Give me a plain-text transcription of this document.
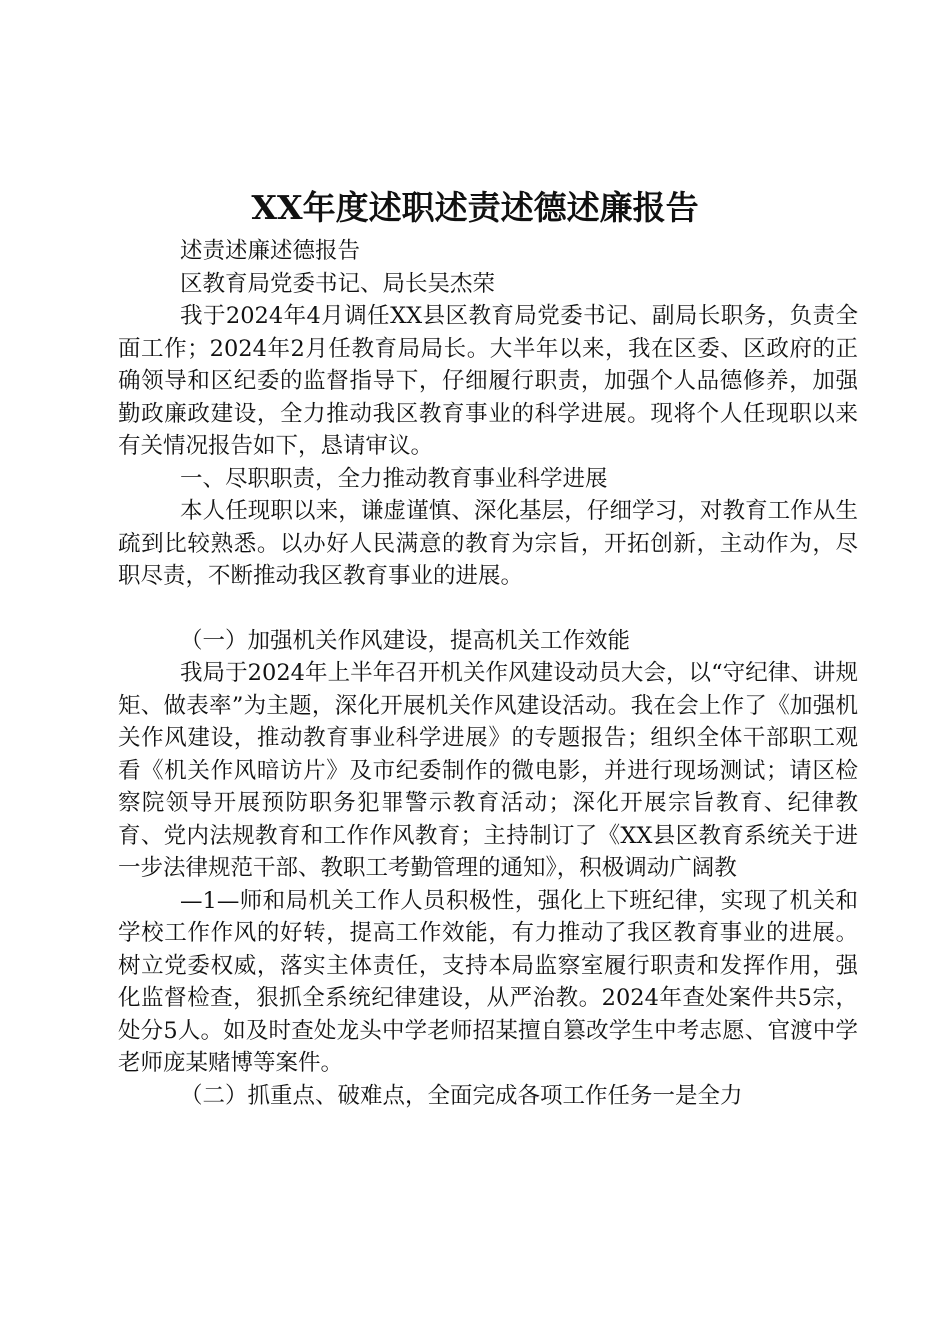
XX年度述职述责述德述廉报告

述责述廉述德报告

区教育局党委书记、局长吴杰荣

我于2024年4月调任XX县区教育局党委书记、副局长职务，负责全面工作；2024年2月任教育局局长。大半年以来，我在区委、区政府的正确领导和区纪委的监督指导下，仔细履行职责，加强个人品德修养，加强勤政廉政建设，全力推动我区教育事业的科学进展。现将个人任现职以来有关情况报告如下，恳请审议。

一、尽职职责，全力推动教育事业科学进展

本人任现职以来，谦虚谨慎、深化基层，仔细学习，对教育工作从生疏到比较熟悉。以办好人民满意的教育为宗旨，开拓创新，主动作为，尽职尽责，不断推动我区教育事业的进展。

（一）加强机关作风建设，提高机关工作效能

我局于2024年上半年召开机关作风建设动员大会，以“守纪律、讲规矩、做表率”为主题，深化开展机关作风建设活动。我在会上作了《加强机关作风建设，推动教育事业科学进展》的专题报告；组织全体干部职工观看《机关作风暗访片》及市纪委制作的微电影，并进行现场测试；请区检察院领导开展预防职务犯罪警示教育活动；深化开展宗旨教育、纪律教育、党内法规教育和工作作风教育；主持制订了《XX县区教育系统关于进一步法律规范干部、教职工考勤管理的通知》，积极调动广阔教

—1—师和局机关工作人员积极性，强化上下班纪律，实现了机关和学校工作作风的好转，提高工作效能，有力推动了我区教育事业的进展。树立党委权威，落实主体责任，支持本局监察室履行职责和发挥作用，强化监督检查，狠抓全系统纪律建设，从严治教。2024年查处案件共5宗，处分5人。如及时查处龙头中学老师招某擅自篡改学生中考志愿、官渡中学老师庞某赌博等案件。

（二）抓重点、破难点，全面完成各项工作任务一是全力
